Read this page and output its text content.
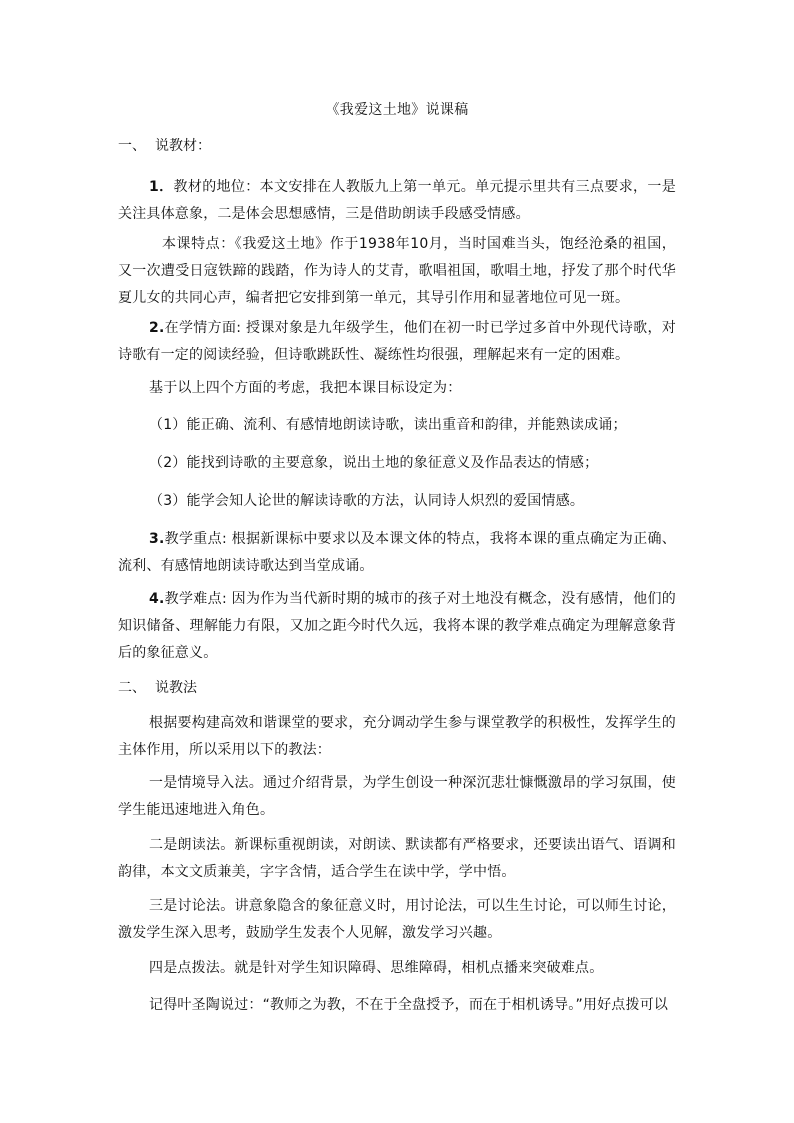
《我爱这土地》说课稿
一、 说教材：
1．教材的地位：本文安排在人教版九上第一单元。单元提示里共有三点要求，一是关注具体意象，二是体会思想感情，三是借助朗读手段感受情感。
本课特点：《我爱这土地》作于1938年10月，当时国难当头，饱经沧桑的祖国，又一次遭受日寇铁蹄的践踏，作为诗人的艾青，歌唱祖国，歌唱土地，抒发了那个时代华夏儿女的共同心声，编者把它安排到第一单元，其导引作用和显著地位可见一斑。
2.在学情方面: 授课对象是九年级学生，他们在初一时已学过多首中外现代诗歌，对诗歌有一定的阅读经验，但诗歌跳跃性、凝练性均很强，理解起来有一定的困难。
基于以上四个方面的考虑，我把本课目标设定为：
（1）能正确、流利、有感情地朗读诗歌，读出重音和韵律，并能熟读成诵；
（2）能找到诗歌的主要意象，说出土地的象征意义及作品表达的情感；
（3）能学会知人论世的解读诗歌的方法，认同诗人炽烈的爱国情感。
3.教学重点: 根据新课标中要求以及本课文体的特点，我将本课的重点确定为正确、流利、有感情地朗读诗歌达到当堂成诵。
4.教学难点: 因为作为当代新时期的城市的孩子对土地没有概念，没有感情，他们的知识储备、理解能力有限，又加之距今时代久远，我将本课的教学难点确定为理解意象背后的象征意义。
二、 说教法
根据要构建高效和谐课堂的要求，充分调动学生参与课堂教学的积极性，发挥学生的主体作用，所以采用以下的教法：
一是情境导入法。通过介绍背景，为学生创设一种深沉悲壮慷慨激昂的学习氛围，使学生能迅速地进入角色。
二是朗读法。新课标重视朗读，对朗读、默读都有严格要求，还要读出语气、语调和韵律，本文文质兼美，字字含情，适合学生在读中学，学中悟。
三是讨论法。讲意象隐含的象征意义时，用讨论法，可以生生讨论，可以师生讨论，激发学生深入思考，鼓励学生发表个人见解，激发学习兴趣。
四是点拨法。就是针对学生知识障碍、思维障碍，相机点播来突破难点。
记得叶圣陶说过：“教师之为教，不在于全盘授予，而在于相机诱导。”用好点拨可以
